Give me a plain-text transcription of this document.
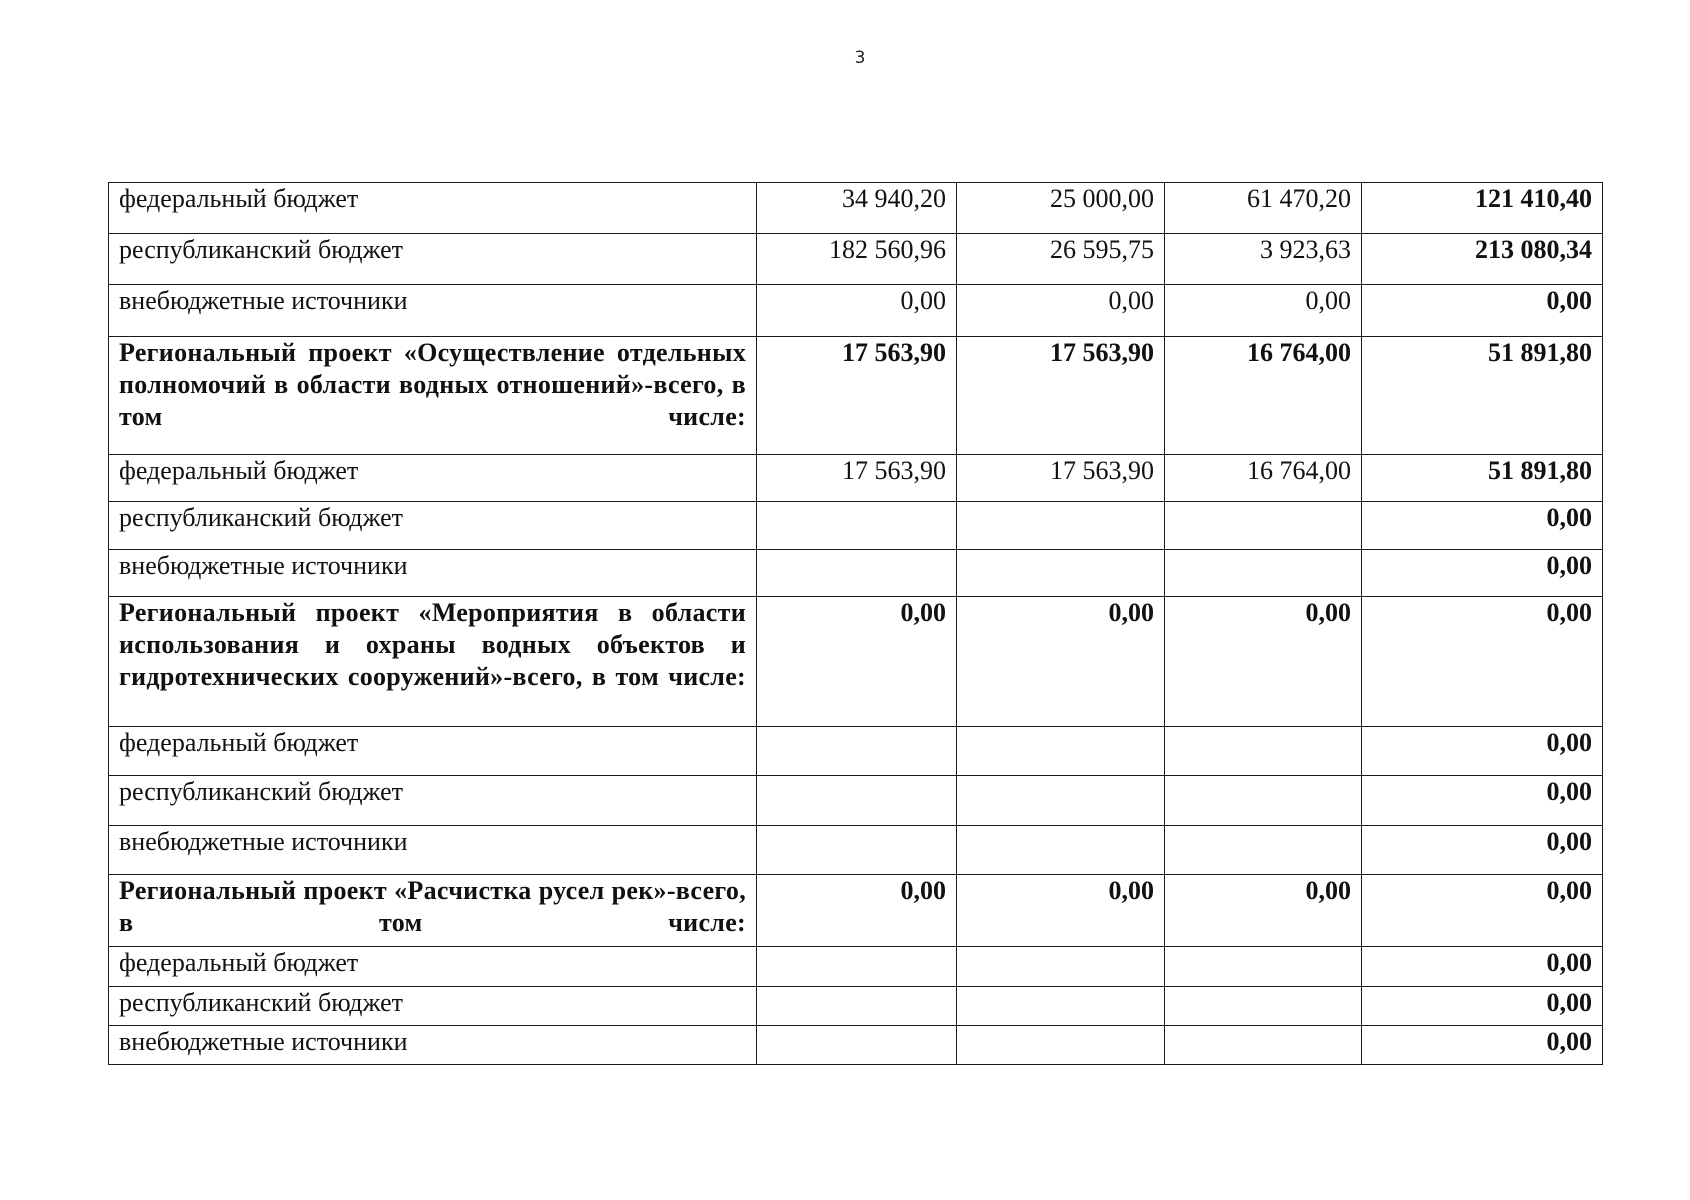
3
федеральный бюджет	34 940,20	25 000,00	61 470,20	121 410,40
республиканский бюджет	182 560,96	26 595,75	3 923,63	213 080,34
внебюджетные источники	0,00	0,00	0,00	0,00
Региональный проект «Осуществление отдельных полномочий в области водных отношений»-всего, в том числе:	17 563,90	17 563,90	16 764,00	51 891,80
федеральный бюджет	17 563,90	17 563,90	16 764,00	51 891,80
республиканский бюджет				0,00
внебюджетные источники				0,00
Региональный проект «Мероприятия в области использования и охраны водных объектов и гидротехнических сооружений»-всего, в том числе:	0,00	0,00	0,00	0,00
федеральный бюджет				0,00
республиканский бюджет				0,00
внебюджетные источники				0,00
Региональный проект «Расчистка русел рек»-всего, в том числе:	0,00	0,00	0,00	0,00
федеральный бюджет				0,00
республиканский бюджет				0,00
внебюджетные источники				0,00
